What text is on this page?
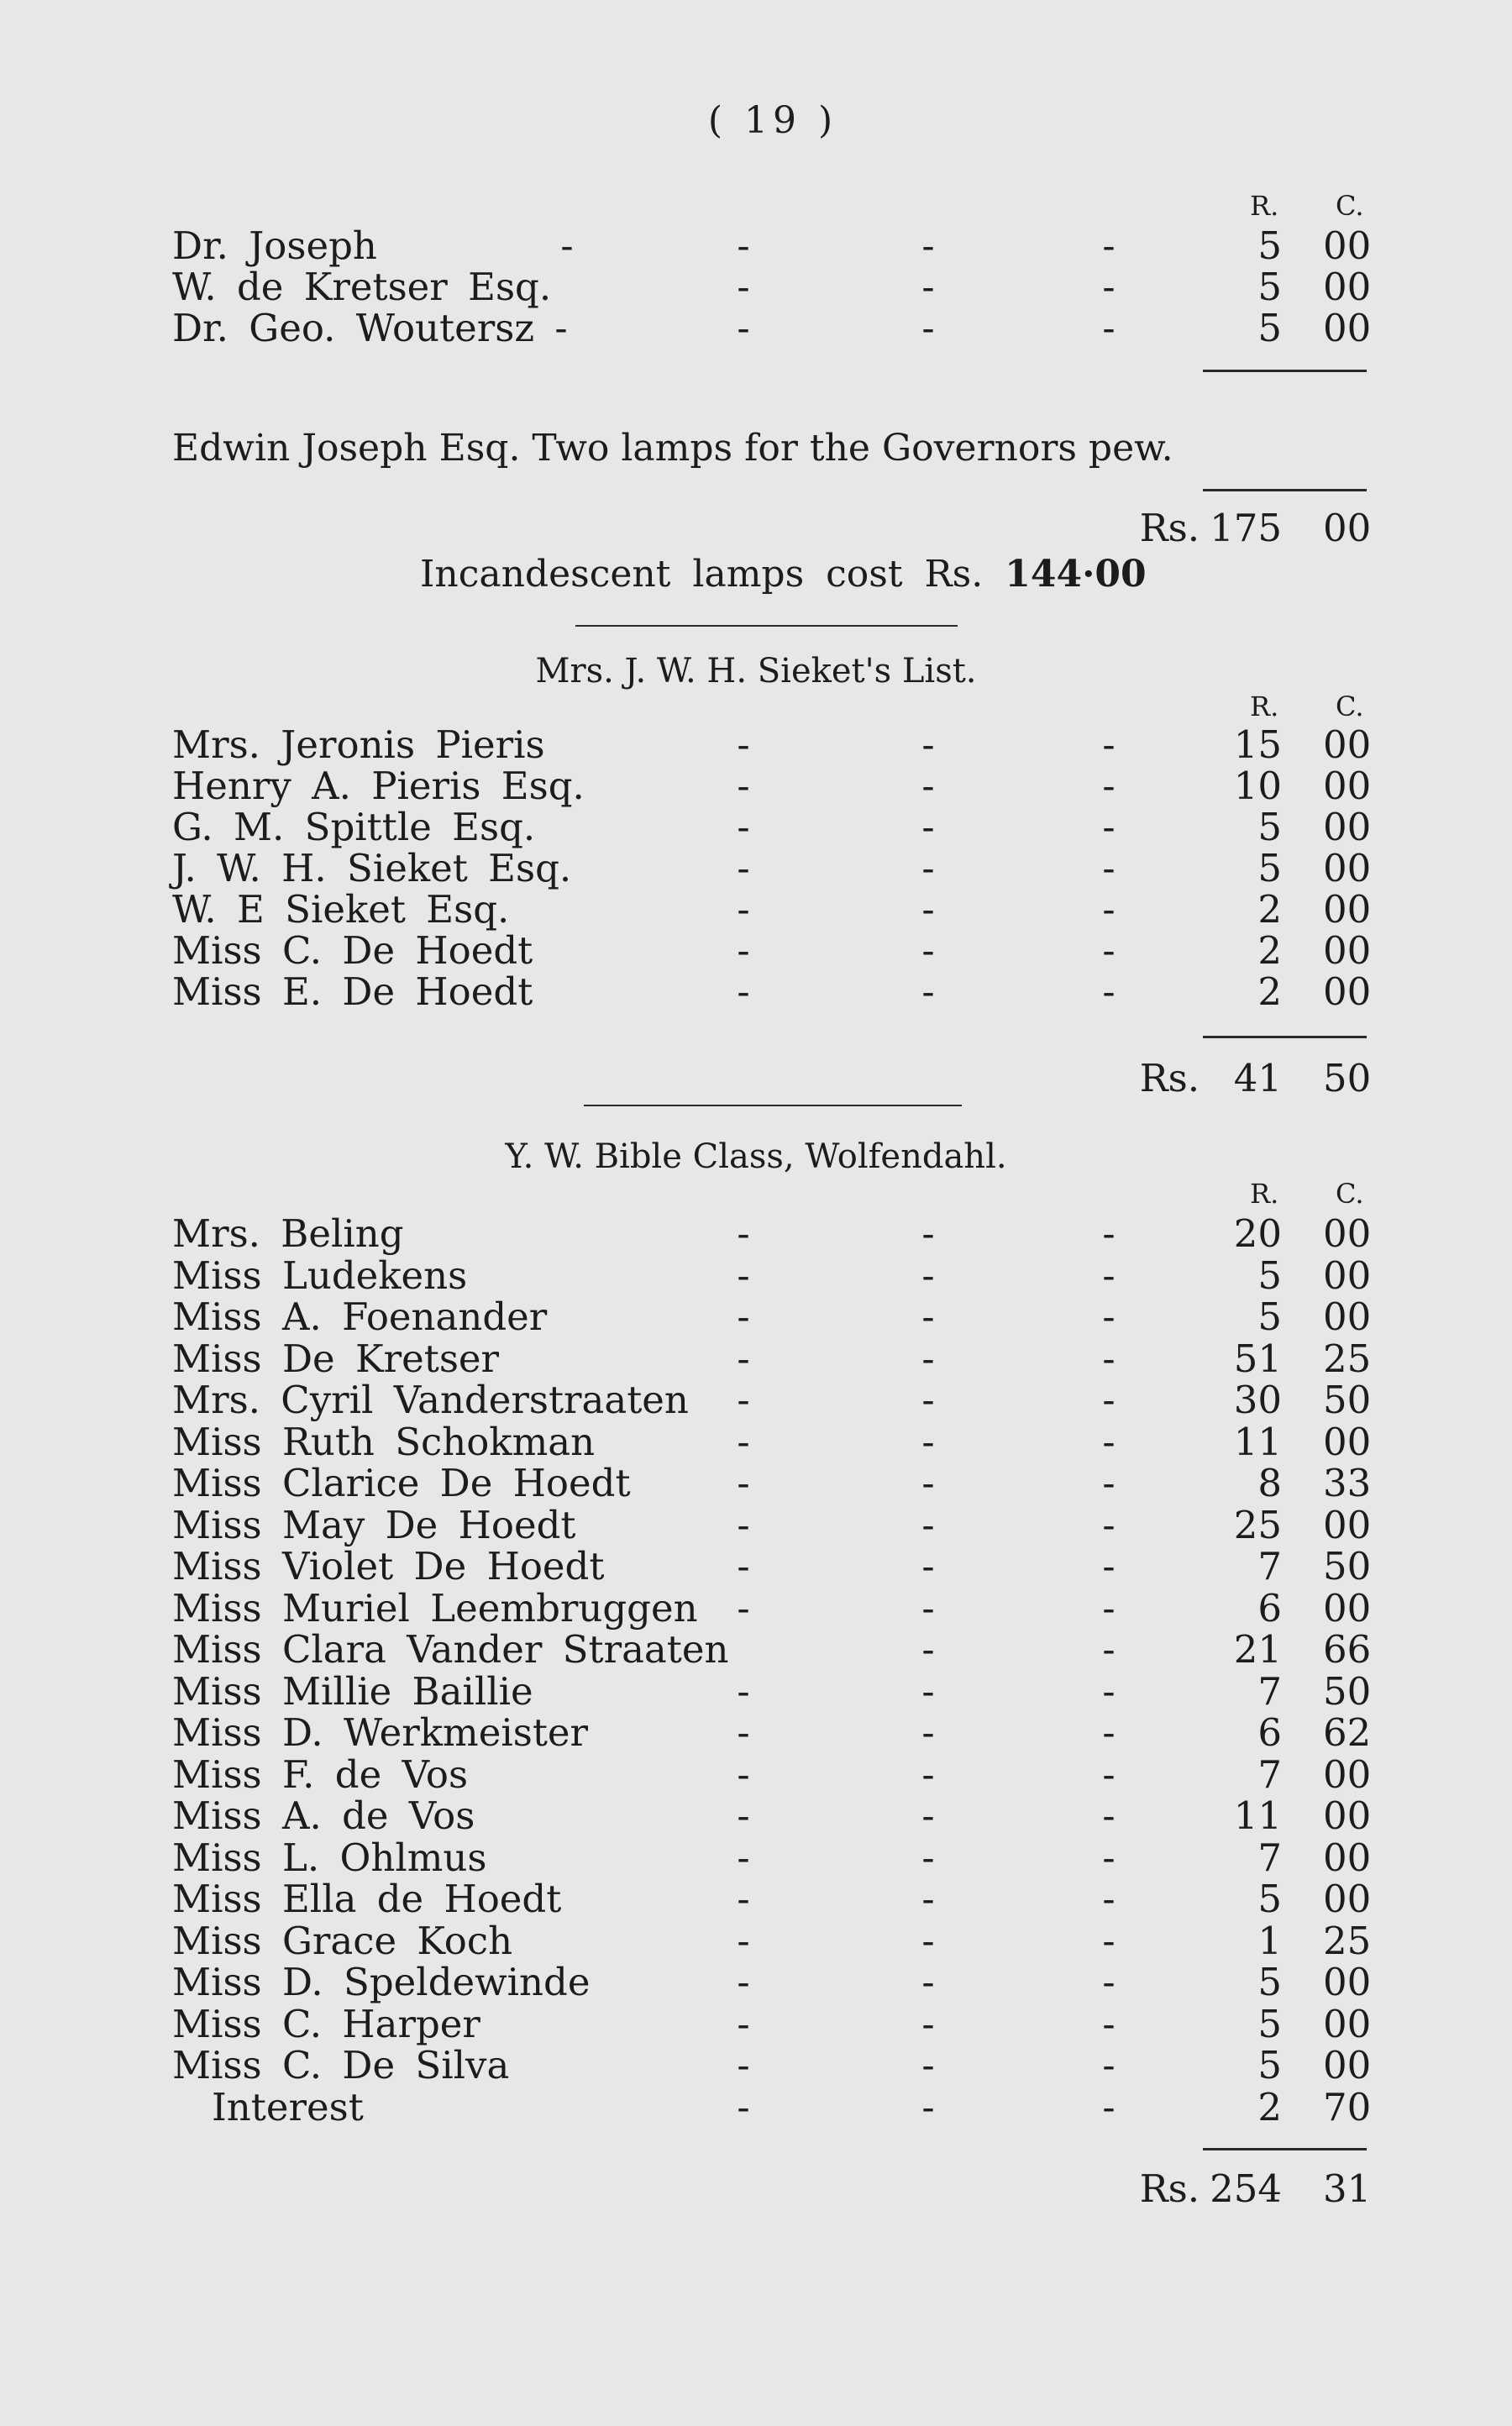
( 19 )
R. C.
Dr. Joseph	-	-	-	-	5 00
W. de Kretser Esq.	-	-	-	5 00
Dr. Geo. Woutersz -	-	-	-	5 00
Edwin Joseph Esq. Two lamps for the Governors pew.
Rs. 175 00
Incandescent lamps cost Rs. 144·00
Mrs. J. W. H. Sieket's List.
R. C.
Mrs. Jeronis Pieris	-	-	-	15 00
Henry A. Pieris Esq.	-	-	-	10 00
G. M. Spittle Esq.	-	-	-	5 00
J. W. H. Sieket Esq.	-	-	-	5 00
W. E Sieket Esq.	-	-	-	2 00
Miss C. De Hoedt	-	-	-	2 00
Miss E. De Hoedt	-	-	-	2 00
Rs. 41 50
Y. W. Bible Class, Wolfendahl.
R. C.
Mrs. Beling	-	-	-	20 00
Miss Ludekens	-	-	-	5 00
Miss A. Foenander	-	-	-	5 00
Miss De Kretser	-	-	-	51 25
Mrs. Cyril Vanderstraaten -	-	-	30 50
Miss Ruth Schokman	-	-	-	11 00
Miss Clarice De Hoedt	-	-	-	8 33
Miss May De Hoedt	-	-	-	25 00
Miss Violet De Hoedt	-	-	-	7 50
Miss Muriel Leembruggen -	-	-	6 00
Miss Clara Vander Straaten	-	-	21 66
Miss Millie Baillie	-	-	-	7 50
Miss D. Werkmeister	-	-	-	6 62
Miss F. de Vos	-	-	-	7 00
Miss A. de Vos	-	-	-	11 00
Miss L. Ohlmus	-	-	-	7 00
Miss Ella de Hoedt	-	-	-	5 00
Miss Grace Koch	-	-	-	1 25
Miss D. Speldewinde	-	-	-	5 00
Miss C. Harper	-	-	-	5 00
Miss C. De Silva	-	-	-	5 00
Interest	-	-	-	2 70
Rs. 254 31
